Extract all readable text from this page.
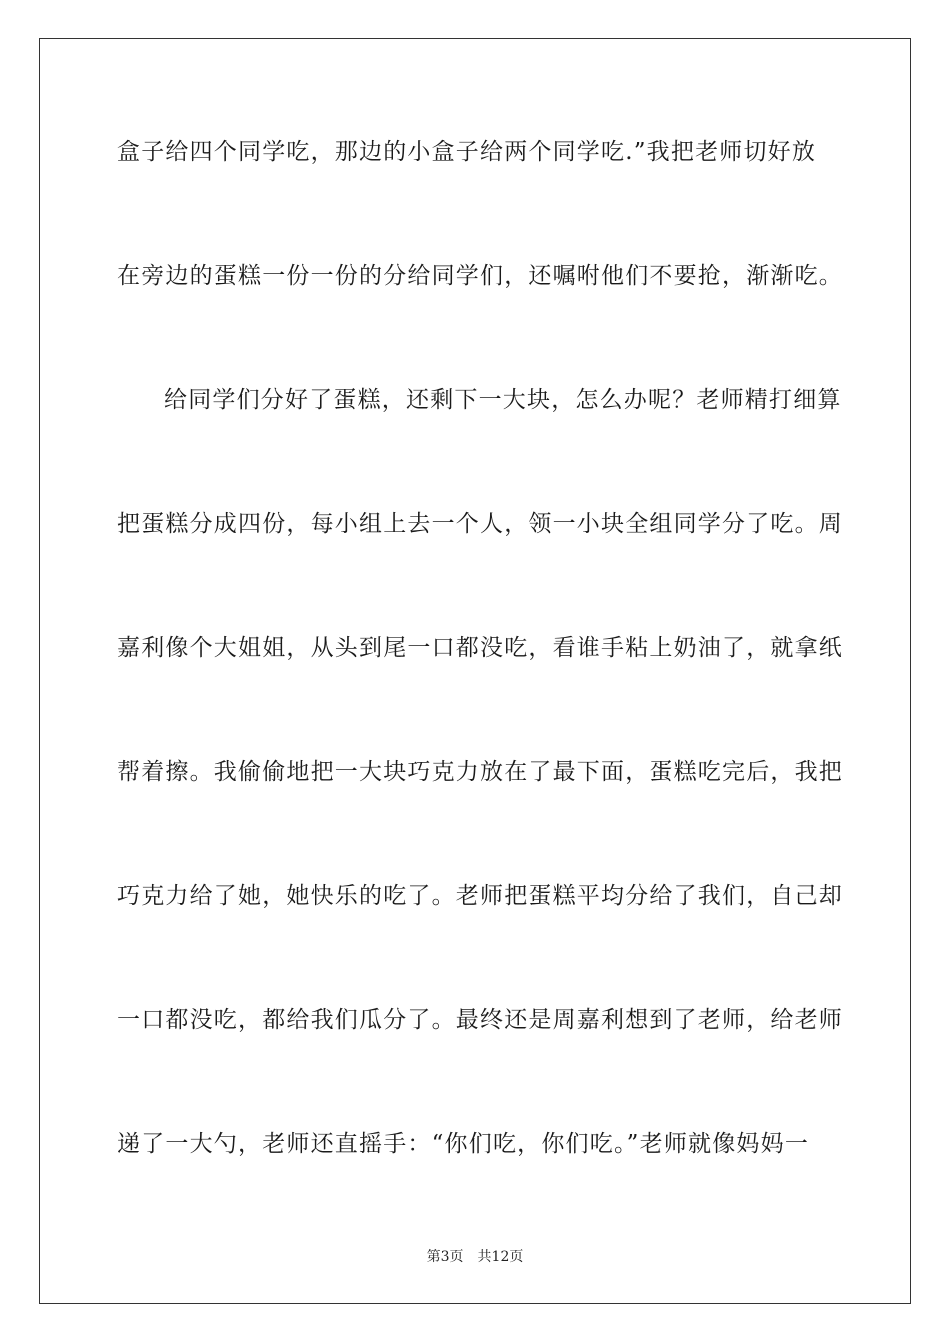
盒子给四个同学吃，那边的小盒子给两个同学吃.”我把老师切好放
在旁边的蛋糕一份一份的分给同学们，还嘱咐他们不要抢，渐渐吃。
给同学们分好了蛋糕，还剩下一大块，怎么办呢？老师精打细算
把蛋糕分成四份，每小组上去一个人，领一小块全组同学分了吃。周
嘉利像个大姐姐，从头到尾一口都没吃，看谁手粘上奶油了，就拿纸
帮着擦。我偷偷地把一大块巧克力放在了最下面，蛋糕吃完后，我把
巧克力给了她，她快乐的吃了。老师把蛋糕平均分给了我们，自己却
一口都没吃，都给我们瓜分了。最终还是周嘉利想到了老师，给老师
递了一大勺，老师还直摇手：“你们吃，你们吃。”老师就像妈妈一
第3页 共12页
